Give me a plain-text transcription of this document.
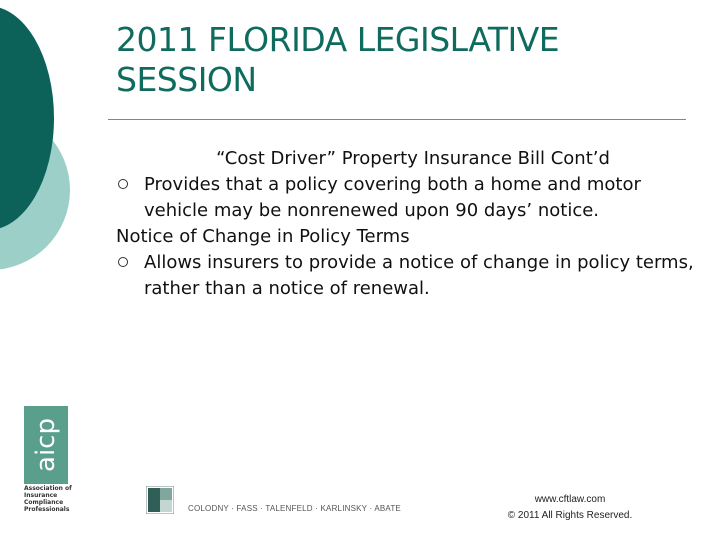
2011 FLORIDA LEGISLATIVE SESSION
“Cost Driver” Property Insurance Bill Cont’d
Provides that a policy covering both a home and motor vehicle may be nonrenewed upon 90 days’ notice.
Notice of Change in Policy Terms
Allows insurers to provide a notice of change in policy terms, rather than a notice of renewal.
aicp
Association of Insurance Compliance Professionals	COLODNY · FASS · TALENFELD · KARLINSKY · ABATE
www.cftlaw.com
© 2011 All Rights Reserved.
